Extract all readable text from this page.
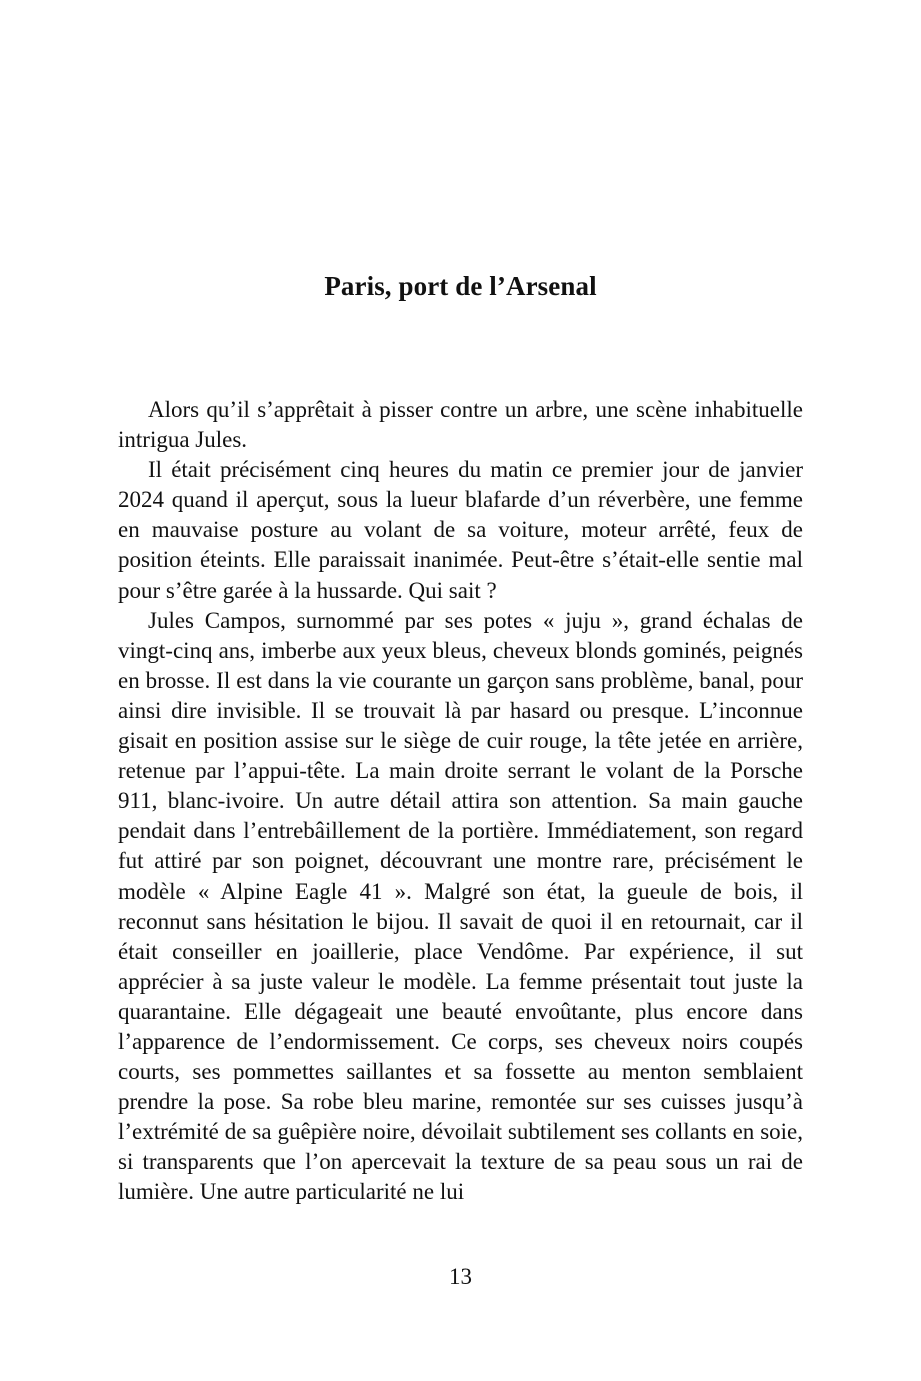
Paris, port de l’Arsenal

Alors qu’il s’apprêtait à pisser contre un arbre, une scène inhabituelle intrigua Jules.

Il était précisément cinq heures du matin ce premier jour de janvier 2024 quand il aperçut, sous la lueur blafarde d’un réverbère, une femme en mauvaise posture au volant de sa voiture, moteur arrêté, feux de position éteints. Elle paraissait inanimée. Peut-être s’était-elle sentie mal pour s’être garée à la hussarde. Qui sait ?

Jules Campos, surnommé par ses potes « juju », grand échalas de vingt-cinq ans, imberbe aux yeux bleus, cheveux blonds gominés, peignés en brosse. Il est dans la vie courante un garçon sans problème, banal, pour ainsi dire invisible. Il se trouvait là par hasard ou presque. L’inconnue gisait en position assise sur le siège de cuir rouge, la tête jetée en arrière, retenue par l’appui-tête. La main droite serrant le volant de la Porsche 911, blanc-ivoire. Un autre détail attira son attention. Sa main gauche pendait dans l’entrebâillement de la portière. Immédiatement, son regard fut attiré par son poignet, découvrant une montre rare, précisément le modèle « Alpine Eagle 41 ». Malgré son état, la gueule de bois, il reconnut sans hésitation le bijou. Il savait de quoi il en retournait, car il était conseiller en joaillerie, place Vendôme. Par expérience, il sut apprécier à sa juste valeur le modèle. La femme présentait tout juste la quarantaine. Elle dégageait une beauté envoûtante, plus encore dans l’apparence de l’endormissement. Ce corps, ses cheveux noirs coupés courts, ses pommettes saillantes et sa fossette au menton semblaient prendre la pose. Sa robe bleu marine, remontée sur ses cuisses jusqu’à l’extrémité de sa guêpière noire, dévoilait subtilement ses collants en soie, si transparents que l’on apercevait la texture de sa peau sous un rai de lumière. Une autre particularité ne lui

13
